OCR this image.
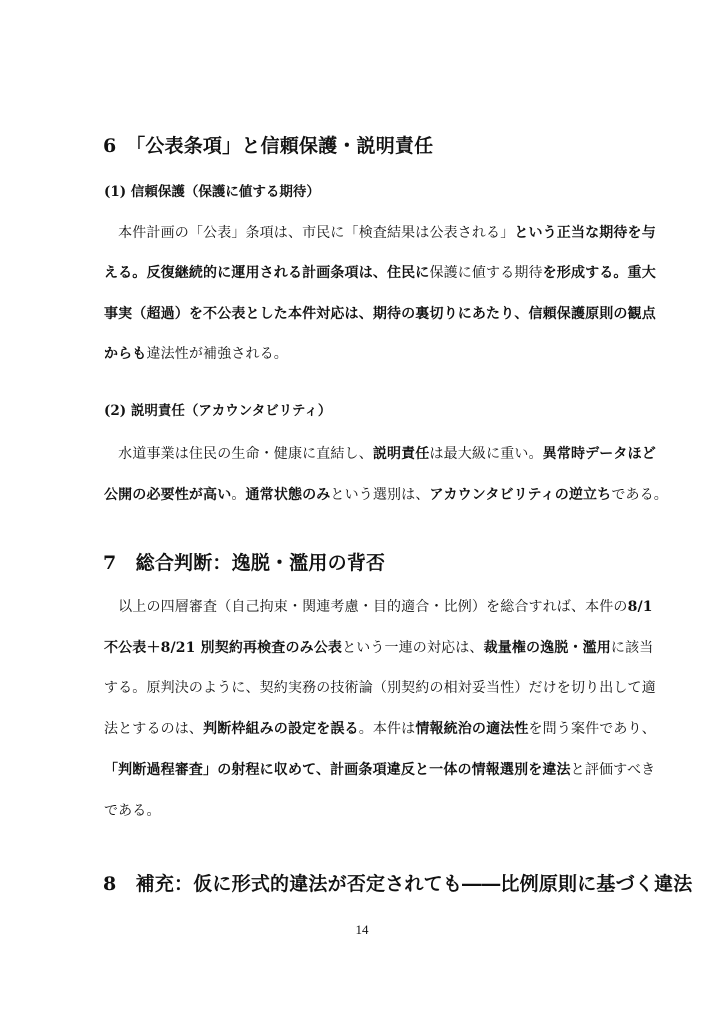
6　「公表条項」と信頼保護・説明責任
(1) 信頼保護（保護に値する期待）
　本件計画の「公表」条項は、市民に「検査結果は公表される」という正当な期待を与
える。反復継続的に運用される計画条項は、住民に保護に値する期待を形成する。重大
事実（超過）を不公表とした本件対応は、期待の裏切りにあたり、信頼保護原則の観点
からも違法性が補強される。
(2) 説明責任（アカウンタビリティ）
　水道事業は住民の生命・健康に直結し、説明責任は最大級に重い。異常時データほど
公開の必要性が高い。通常状態のみという選別は、アカウンタビリティの逆立ちである。
7　総合判断：逸脱・濫用の背否
　以上の四層審査（自己拘束・関連考慮・目的適合・比例）を総合すれば、本件の8/1
不公表＋8/21 別契約再検査のみ公表という一連の対応は、裁量権の逸脱・濫用に該当
する。原判決のように、契約実務の技術論（別契約の相対妥当性）だけを切り出して適
法とするのは、判断枠組みの設定を誤る。本件は情報統治の適法性を問う案件であり、
「判断過程審査」の射程に収めて、計画条項違反と一体の情報選別を違法と評価すべき
である。
8　補充：仮に形式的違法が否定されても――比例原則に基づく違法
14
